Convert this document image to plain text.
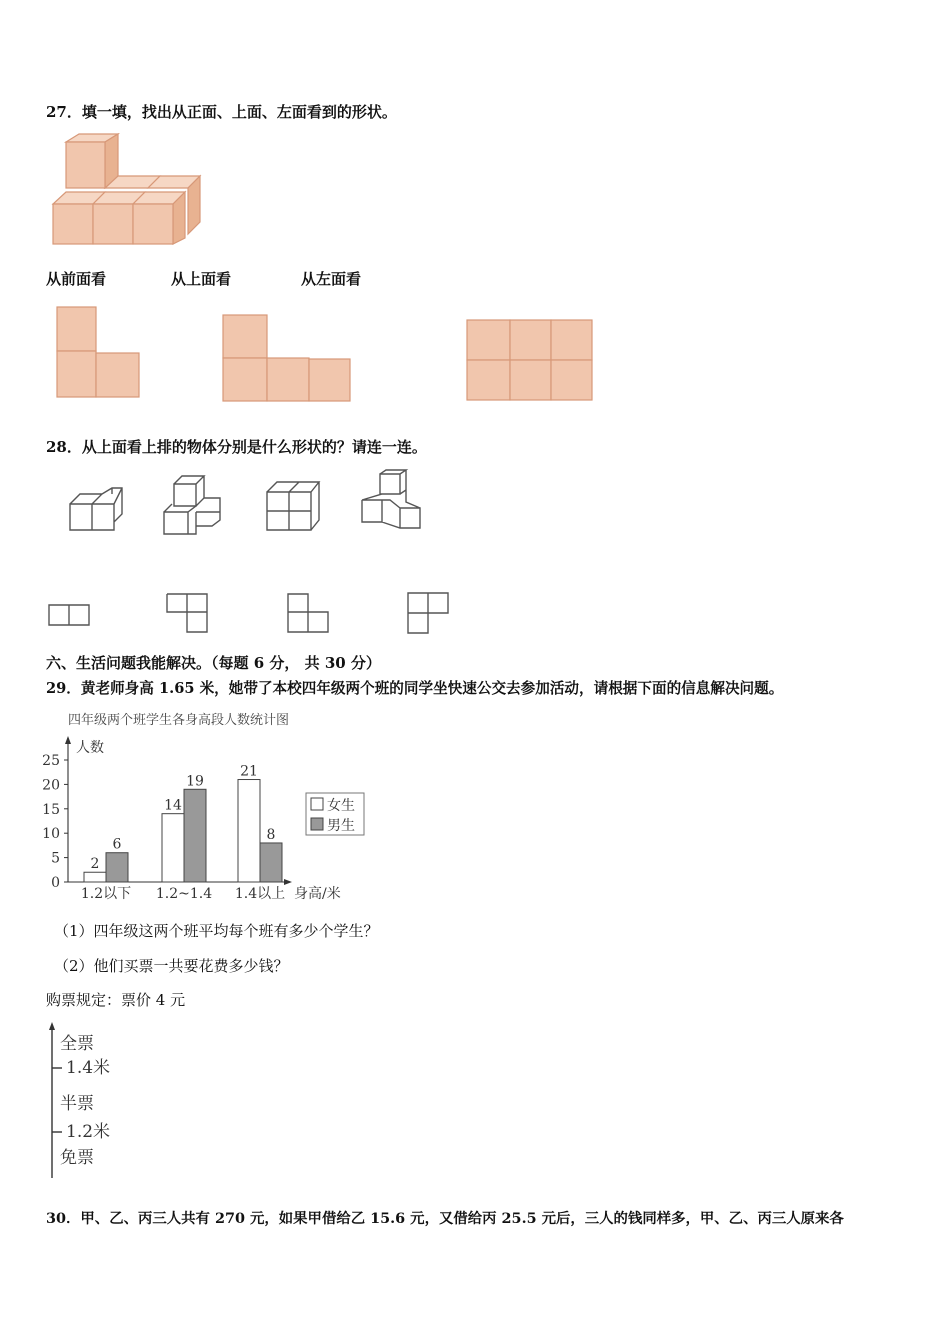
27．填一填，找出从正面、上面、左面看到的形状。
从前面看	从上面看	从左面看
28．从上面看上排的物体分别是什么形状的？请连一连。
六、生活问题我能解决。（每题 6 分， 共 30 分）
29．黄老师身高 1.65 米，她带了本校四年级两个班的同学坐快速公交去参加活动，请根据下面的信息解决问题。
四年级两个班学生各身高段人数统计图
0
5
10
15
20
25
人数
身高/米
2
6
1.2以下
14
19
1.2~1.4
21
8
1.4以上
女生
男生
（1）四年级这两个班平均每个班有多少个学生？
（2）他们买票一共要花费多少钱？
购票规定：票价 4 元
全票
1.4米
半票
1.2米
免票
30．甲、乙、丙三人共有 270 元，如果甲借给乙 15.6 元，又借给丙 25.5 元后，三人的钱同样多，甲、乙、丙三人原来各
